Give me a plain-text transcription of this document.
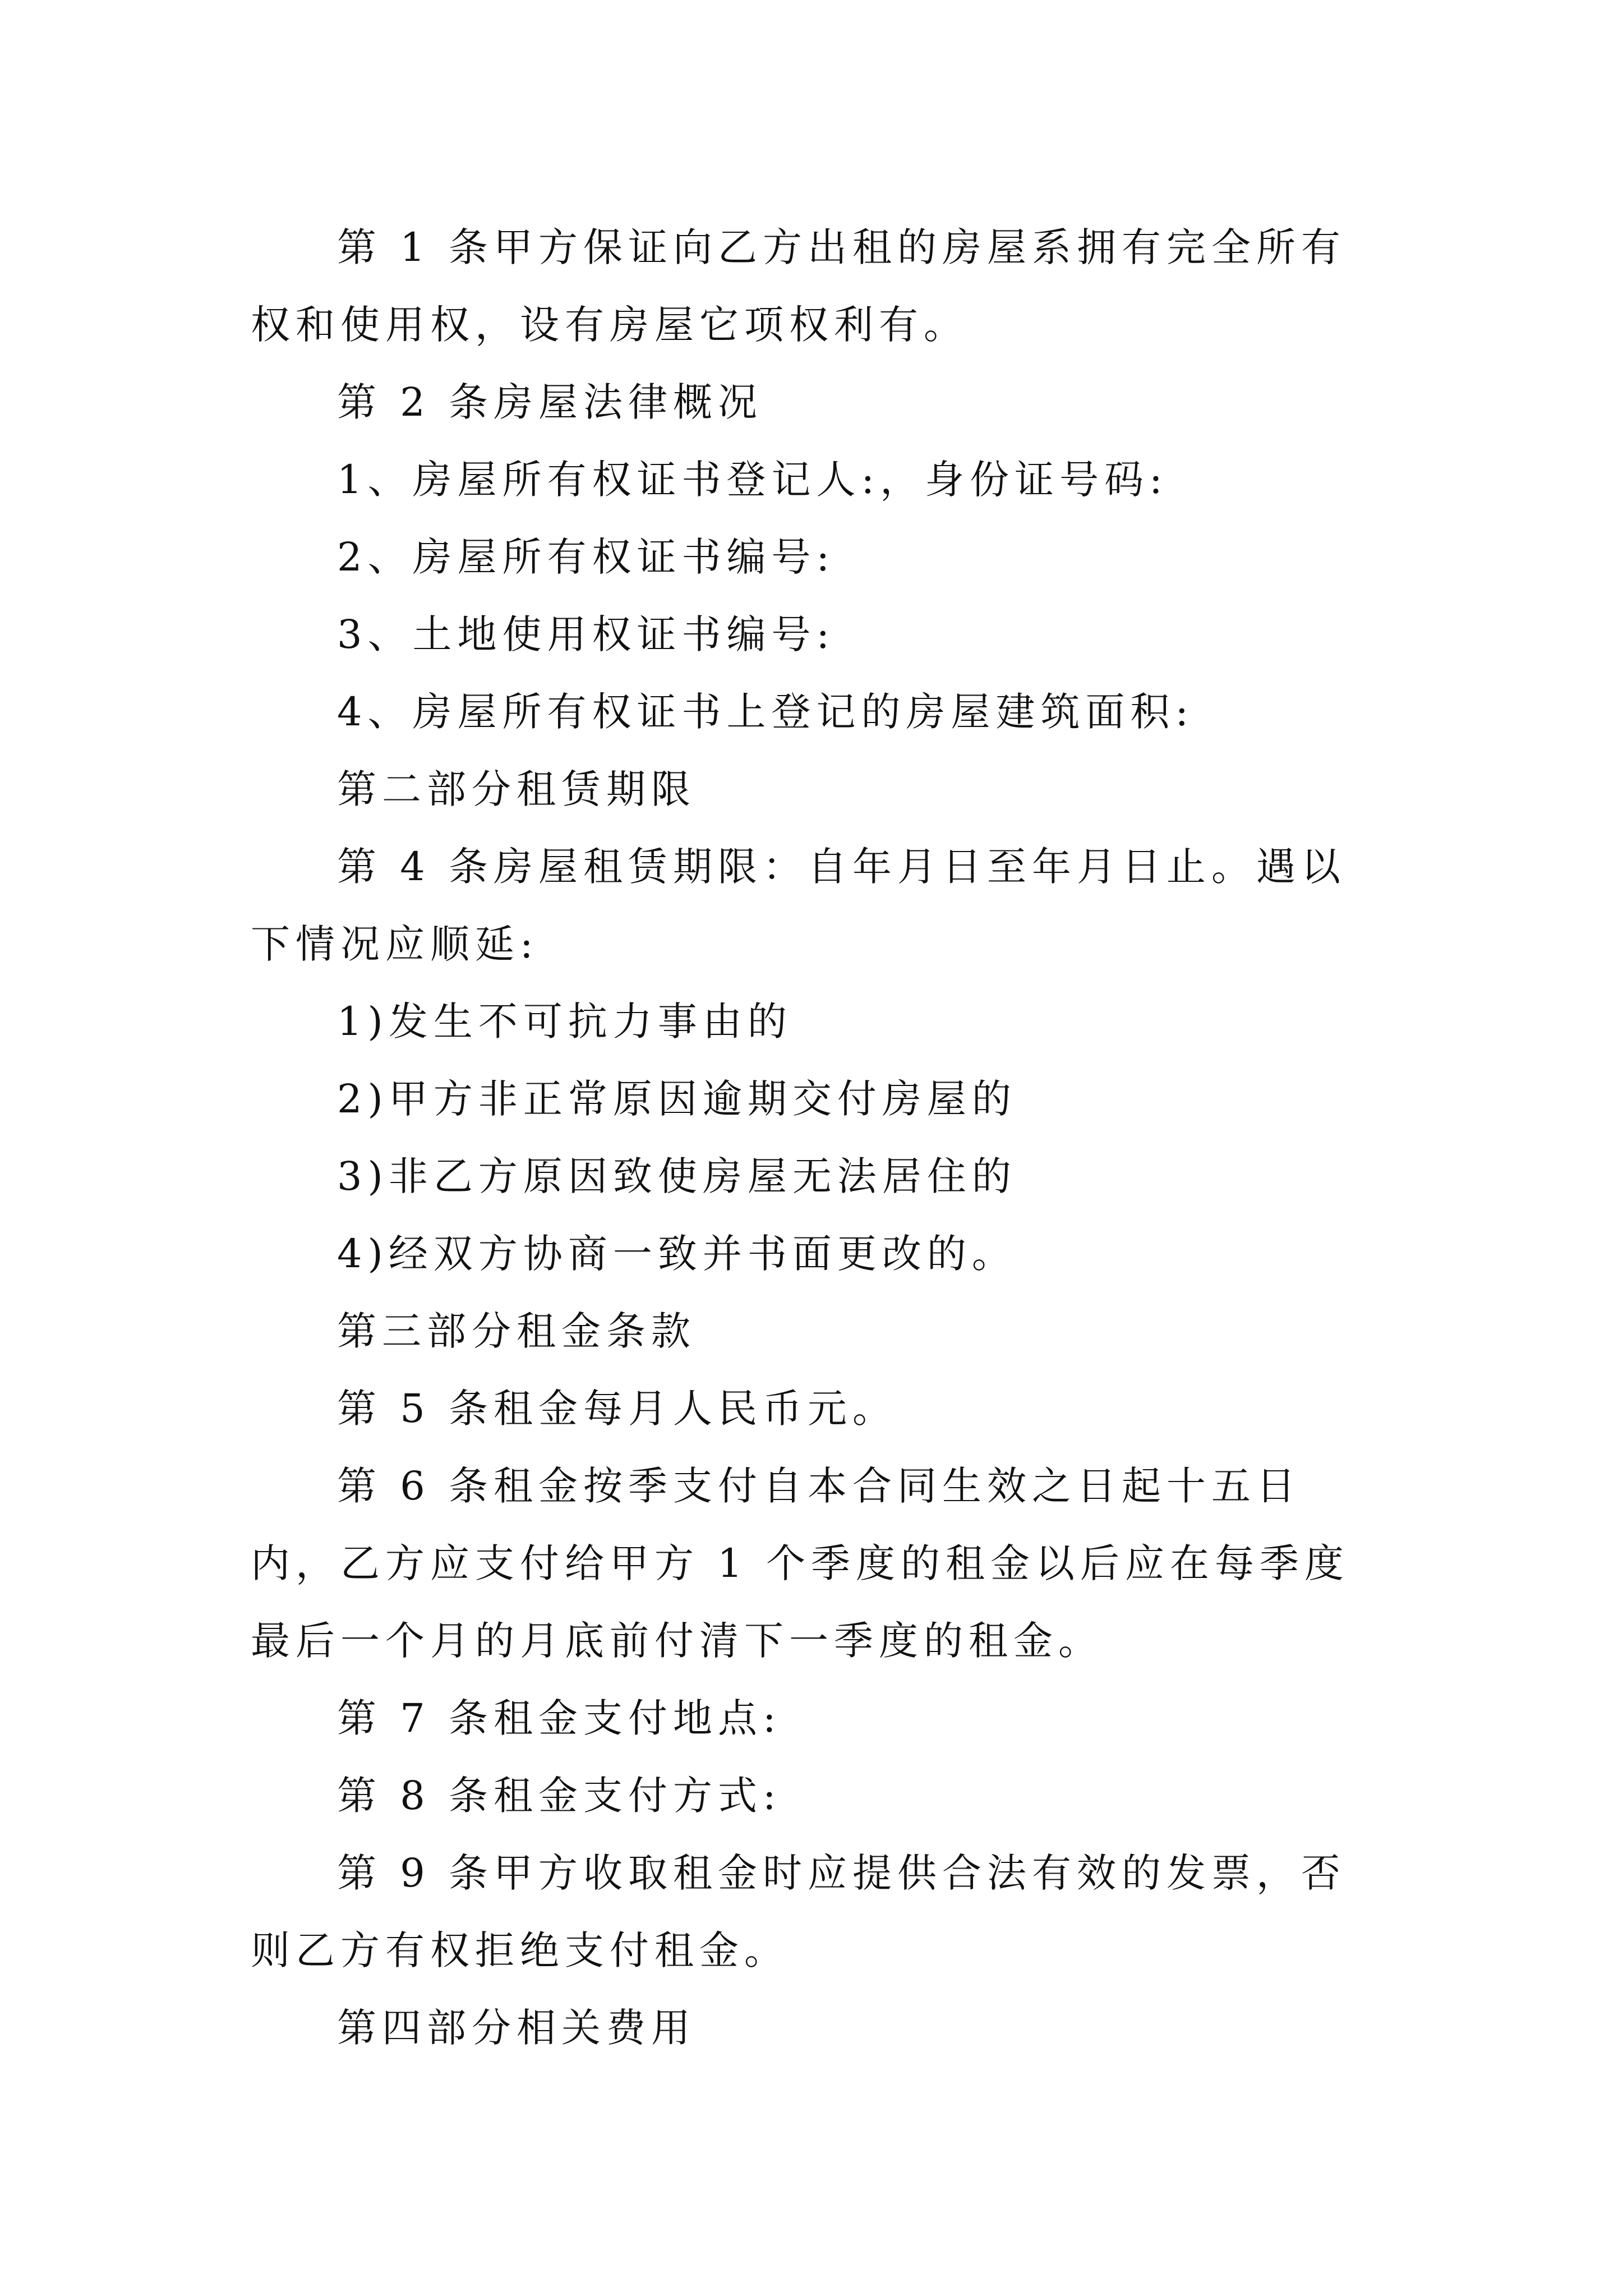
第 1 条甲方保证向乙方出租的房屋系拥有完全所有权和使用权，设有房屋它项权利有。

第 2 条房屋法律概况

1、房屋所有权证书登记人:，身份证号码:

2、房屋所有权证书编号:

3、土地使用权证书编号:

4、房屋所有权证书上登记的房屋建筑面积:

第二部分租赁期限

第 4 条房屋租赁期限：自年月日至年月日止。遇以下情况应顺延:

1)发生不可抗力事由的

2)甲方非正常原因逾期交付房屋的

3)非乙方原因致使房屋无法居住的

4)经双方协商一致并书面更改的。

第三部分租金条款

第 5 条租金每月人民币元。

第 6 条租金按季支付自本合同生效之日起十五日内，乙方应支付给甲方 1 个季度的租金以后应在每季度最后一个月的月底前付清下一季度的租金。

第 7 条租金支付地点:

第 8 条租金支付方式:

第 9 条甲方收取租金时应提供合法有效的发票，否则乙方有权拒绝支付租金。

第四部分相关费用
